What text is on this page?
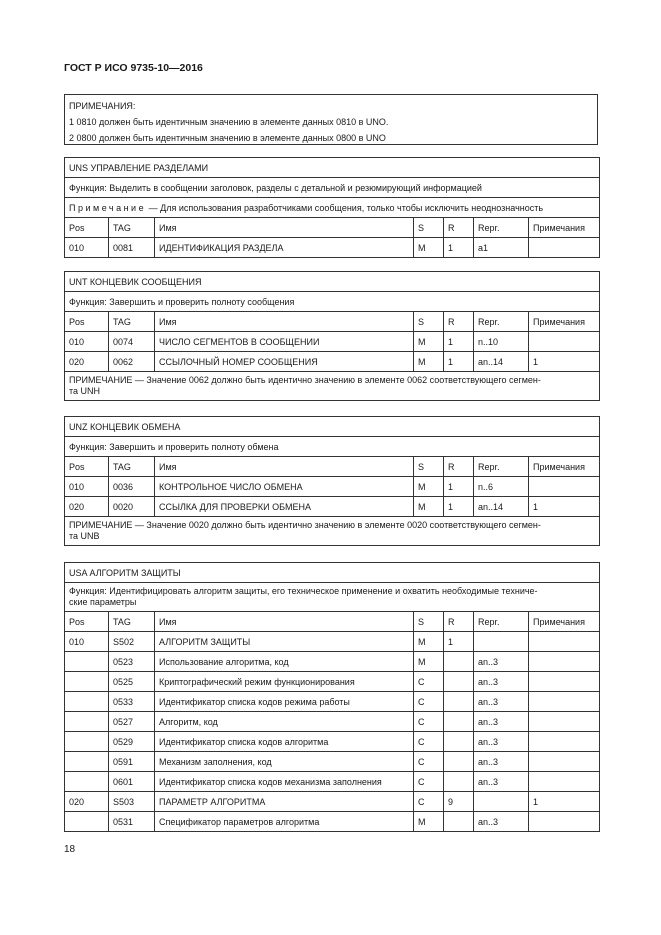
ГОСТ Р ИСО 9735-10—2016
ПРИМЕЧАНИЯ:
1 0810 должен быть идентичным значению в элементе данных 0810 в UNO.
2 0800 должен быть идентичным значению в элементе данных 0800 в UNO
UNS УПРАВЛЕНИЕ РАЗДЕЛАМИ						
Функция: Выделить в сообщении заголовок, разделы с детальной и резюмирующий информацией						
Примечание — Для использования разработчиками сообщения, только чтобы исключить неоднозначность						
Pos	TAG	Имя	S	R	Repr.	Примечания
010	0081	ИДЕНТИФИКАЦИЯ РАЗДЕЛА	M	1	a1	
UNT КОНЦЕВИК СООБЩЕНИЯ						
Функция: Завершить и проверить полноту сообщения						
Pos	TAG	Имя	S	R	Repr.	Примечания
010	0074	ЧИСЛО СЕГМЕНТОВ В СООБЩЕНИИ	M	1	n..10	
020	0062	ССЫЛОЧНЫЙ НОМЕР СООБЩЕНИЯ	M	1	an..14	1

ПРИМЕЧАНИЕ — Значение 0062 должно быть идентично значению в элементе 0062 соответствующего сегмен-
та UNH						
UNZ КОНЦЕВИК ОБМЕНА						
Функция: Завершить и проверить полноту обмена						
Pos	TAG	Имя	S	R	Repr.	Примечания
010	0036	КОНТРОЛЬНОЕ ЧИСЛО ОБМЕНА	M	1	n..6	
020	0020	ССЫЛКА ДЛЯ ПРОВЕРКИ ОБМЕНА	M	1	an..14	1

ПРИМЕЧАНИЕ — Значение 0020 должно быть идентично значению в элементе 0020 соответствующего сегмен-
та UNB						
USA АЛГОРИТМ ЗАЩИТЫ						

Функция: Идентифицировать алгоритм защиты, его техническое применение и охватить необходимые техниче-
ские параметры						

Pos	TAG	Имя	S	R	Repr.	Примечания
010	S502	АЛГОРИТМ ЗАЩИТЫ	M	1		
	0523	Использование алгоритма, код	M		an..3	
	0525	Криптографический режим функционирования	C		an..3	
	0533	Идентификатор списка кодов режима работы	C		an..3	
	0527	Алгоритм, код	C		an..3	
	0529	Идентификатор списка кодов алгоритма	C		an..3	
	0591	Механизм заполнения, код	C		an..3	
	0601	Идентификатор списка кодов механизма заполнения	C		an..3	
020	S503	ПАРАМЕТР АЛГОРИТМА	C	9		1
	0531	Спецификатор параметров алгоритма	M		an..3	
18
